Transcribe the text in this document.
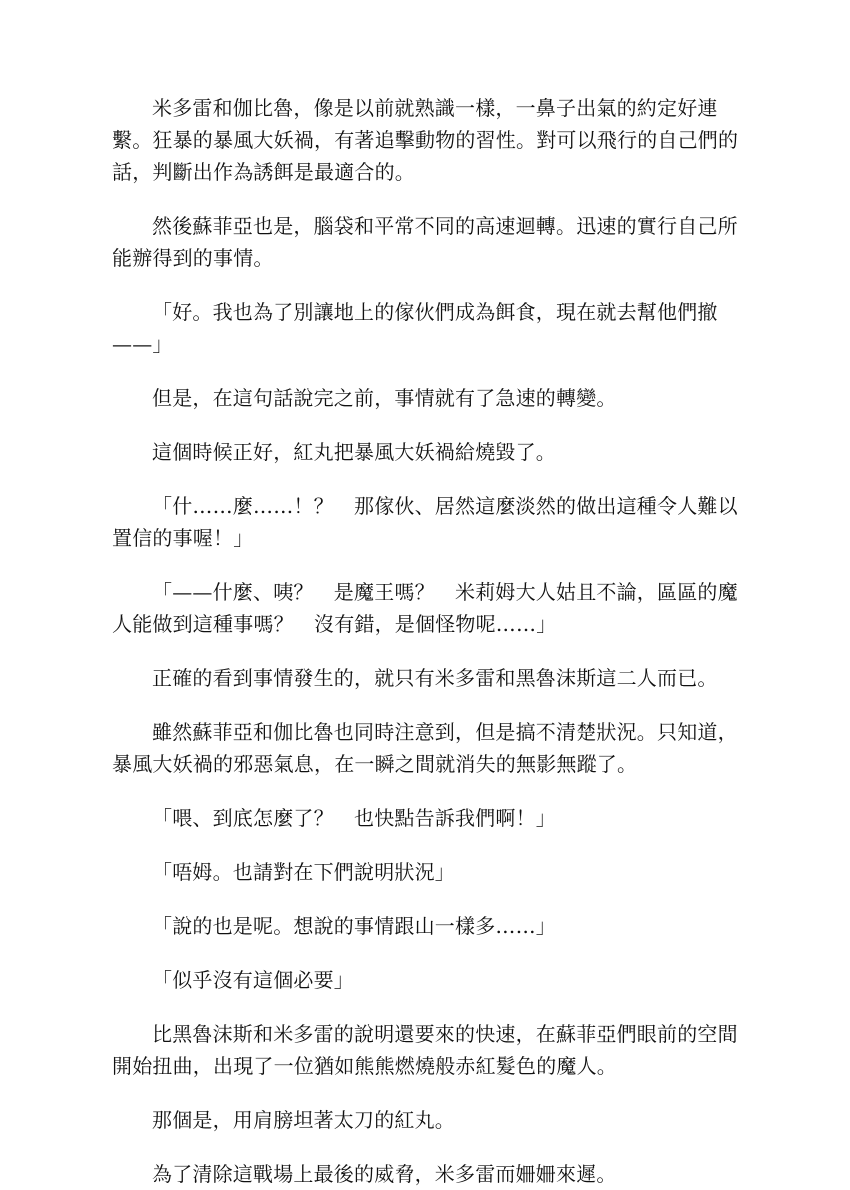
米多雷和伽比魯，像是以前就熟識一樣，一鼻子出氣的約定好連繫。狂暴的暴風大妖禍，有著追擊動物的習性。對可以飛行的自己們的話，判斷出作為誘餌是最適合的。

然後蘇菲亞也是，腦袋和平常不同的高速迴轉。迅速的實行自己所能辦得到的事情。

「好。我也為了別讓地上的傢伙們成為餌食，現在就去幫他們撤——」

但是，在這句話說完之前，事情就有了急速的轉變。

這個時候正好，紅丸把暴風大妖禍給燒毀了。

「什……麼……！？　那傢伙、居然這麼淡然的做出這種令人難以置信的事喔！」

「——什麼、咦？　是魔王嗎？　米莉姆大人姑且不論，區區的魔人能做到這種事嗎？　沒有錯，是個怪物呢……」

正確的看到事情發生的，就只有米多雷和黑魯沫斯這二人而已。

雖然蘇菲亞和伽比魯也同時注意到，但是搞不清楚狀況。只知道，暴風大妖禍的邪惡氣息，在一瞬之間就消失的無影無蹤了。

「喂、到底怎麼了？　也快點告訴我們啊！」

「唔姆。也請對在下們說明狀況」

「說的也是呢。想說的事情跟山一樣多……」

「似乎沒有這個必要」

比黑魯沫斯和米多雷的說明還要來的快速，在蘇菲亞們眼前的空間開始扭曲，出現了一位猶如熊熊燃燒般赤紅髮色的魔人。

那個是，用肩膀坦著太刀的紅丸。

為了清除這戰場上最後的威脅，米多雷而姍姍來遲。
